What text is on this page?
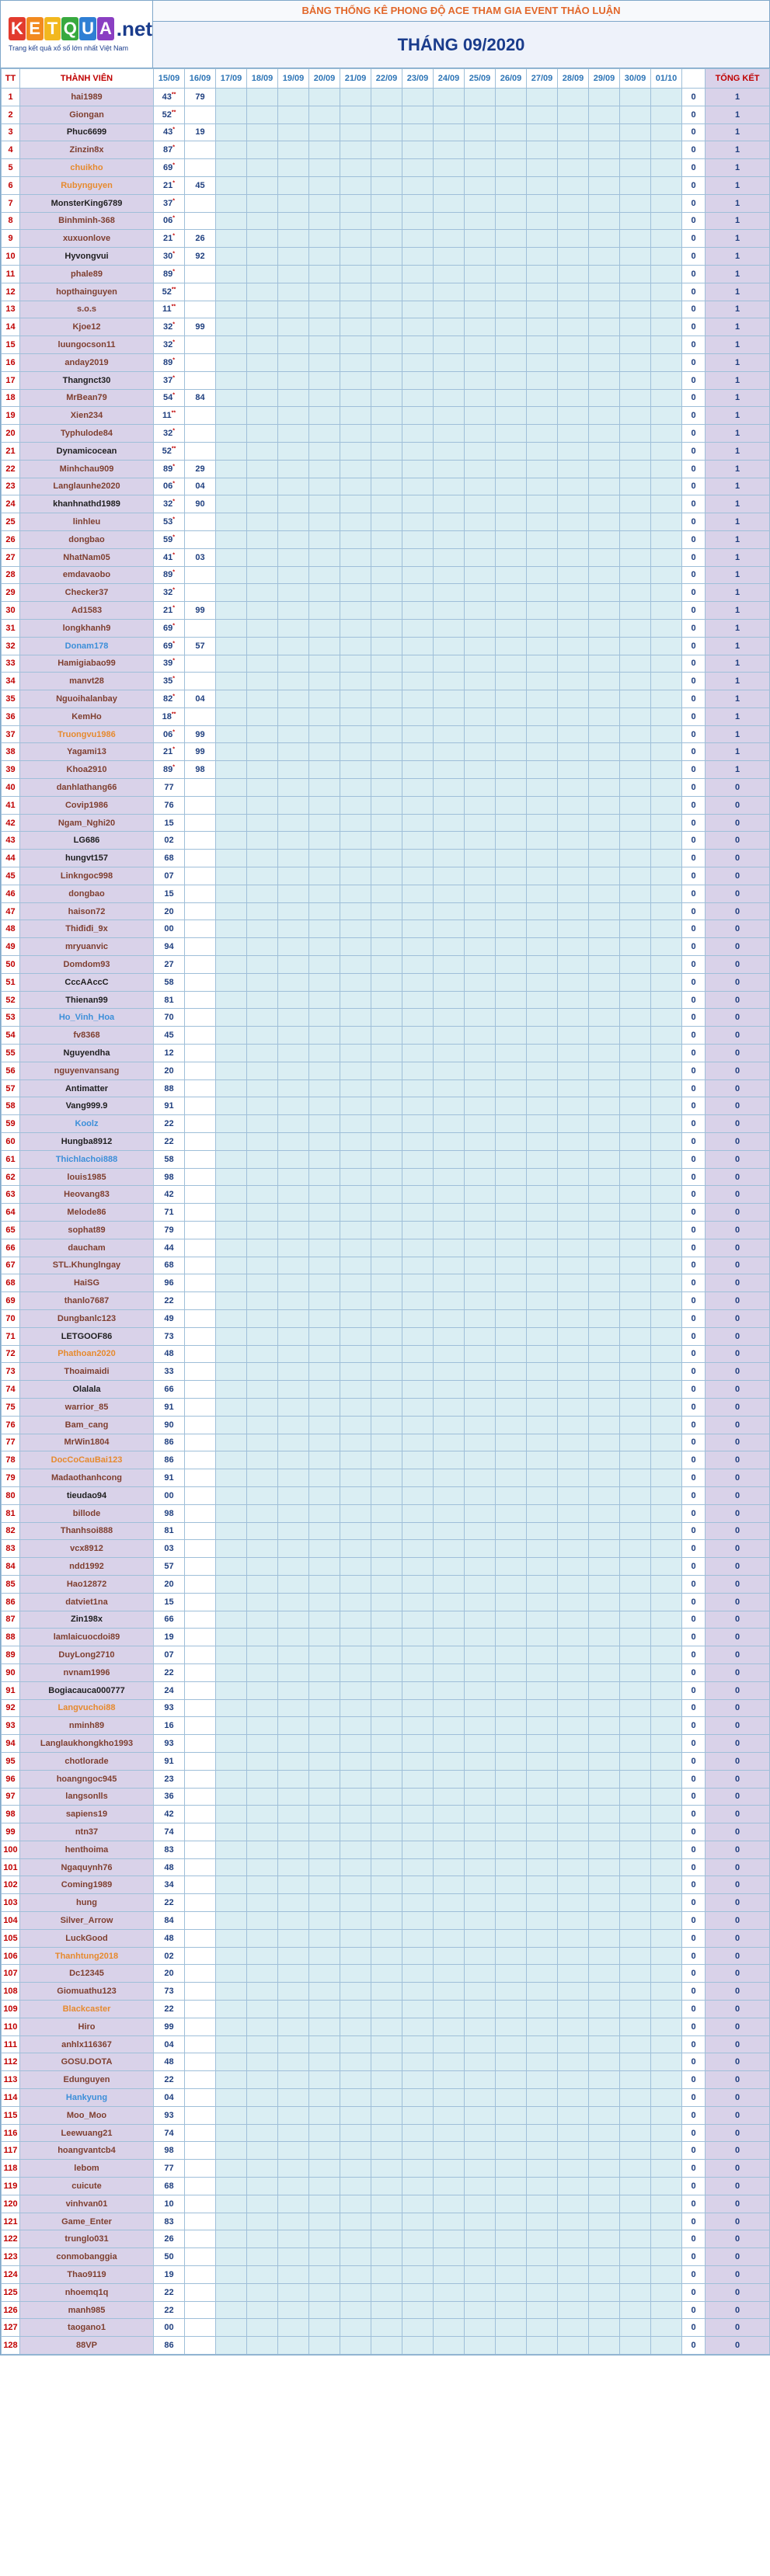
K E T Q U A .net
Trang kết quả xổ số lớn nhất Việt Nam
BẢNG THỐNG KÊ PHONG ĐỘ ACE THAM GIA EVENT THẢO LUẬN
THÁNG 09/2020
TT	THÀNH VIÊN	15/09	16/09	17/09	18/09	19/09	20/09	21/09	22/09	23/09	24/09	25/09	26/09	27/09	28/09	29/09	30/09	01/10		TỔNG KẾT
1	hai1989	43**	79																0	1
2	Giongan	52**																	0	1
3	Phuc6699	43*	19																0	1
4	Zinzin8x	87*																	0	1
5	chuikho	69*																	0	1
6	Rubynguyen	21*	45																0	1
7	MonsterKing6789	37*																	0	1
8	Binhminh-368	06*																	0	1
9	xuxuonlove	21*	26																0	1
10	Hyvongvui	30*	92																0	1
11	phale89	89*																	0	1
12	hopthainguyen	52**																	0	1
13	s.o.s	11**																	0	1
14	Kjoe12	32*	99																0	1
15	luungocson11	32*																	0	1
16	anday2019	89*																	0	1
17	Thangnct30	37*																	0	1
18	MrBean79	54*	84																0	1
19	Xien234	11**																	0	1
20	Typhulode84	32*																	0	1
21	Dynamicocean	52**																	0	1
22	Minhchau909	89*	29																0	1
23	Langlaunhe2020	06*	04																0	1
24	khanhnathd1989	32*	90																0	1
25	linhleu	53*																	0	1
26	dongbao	59*																	0	1
27	NhatNam05	41*	03																0	1
28	emdavaobo	89*																	0	1
29	Checker37	32*																	0	1
30	Ad1583	21*	99																0	1
31	longkhanh9	69*																	0	1
32	Donam178	69*	57																0	1
33	Hamigiabao99	39*																	0	1
34	manvt28	35*																	0	1
35	Nguoihalanbay	82*	04																0	1
36	KemHo	18**																	0	1
37	Truongvu1986	06*	99																0	1
38	Yagami13	21*	99																0	1
39	Khoa2910	89*	98																0	1
40	danhlathang66	77																	0	0
41	Covip1986	76																	0	0
42	Ngam_Nghi20	15																	0	0
43	LG686	02																	0	0
44	hungvt157	68																	0	0
45	Linkngoc998	07																	0	0
46	dongbao	15																	0	0
47	haison72	20																	0	0
48	Thiđiđi_9x	00																	0	0
49	mryuanvic	94																	0	0
50	Domdom93	27																	0	0
51	CccAAccC	58																	0	0
52	Thienan99	81																	0	0
53	Ho_Vinh_Hoa	70																	0	0
54	fv8368	45																	0	0
55	Nguyendha	12																	0	0
56	nguyenvansang	20																	0	0
57	Antimatter	88																	0	0
58	Vang999.9	91																	0	0
59	Koolz	22																	0	0
60	Hungba8912	22																	0	0
61	Thichlachoi888	58																	0	0
62	louis1985	98																	0	0
63	Heovang83	42																	0	0
64	Melode86	71																	0	0
65	sophat89	79																	0	0
66	daucham	44																	0	0
67	STL.Khunglngay	68																	0	0
68	HaiSG	96																	0	0
69	thanlo7687	22																	0	0
70	Dungbanlc123	49																	0	0
71	LETGOOF86	73																	0	0
72	Phathoan2020	48																	0	0
73	Thoaimaidi	33																	0	0
74	Olalala	66																	0	0
75	warrior_85	91																	0	0
76	Bam_cang	90																	0	0
77	MrWin1804	86																	0	0
78	DocCoCauBai123	86																	0	0
79	Madaothanhcong	91																	0	0
80	tieudao94	00																	0	0
81	billode	98																	0	0
82	Thanhsoi888	81																	0	0
83	vcx8912	03																	0	0
84	ndd1992	57																	0	0
85	Hao12872	20																	0	0
86	datviet1na	15																	0	0
87	Zin198x	66																	0	0
88	lamlaicuocdoi89	19																	0	0
89	DuyLong2710	07																	0	0
90	nvnam1996	22																	0	0
91	Bogiacauca000777	24																	0	0
92	Langvuchoi88	93																	0	0
93	nminh89	16																	0	0
94	Langlaukhongkho1993	93																	0	0
95	chotlorade	91																	0	0
96	hoangngoc945	23																	0	0
97	langsonlls	36																	0	0
98	sapiens19	42																	0	0
99	ntn37	74																	0	0
100	henthoima	83																	0	0
101	Ngaquynh76	48																	0	0
102	Coming1989	34																	0	0
103	hung	22																	0	0
104	Silver_Arrow	84																	0	0
105	LuckGood	48																	0	0
106	Thanhtung2018	02																	0	0
107	Dc12345	20																	0	0
108	Giomuathu123	73																	0	0
109	Blackcaster	22																	0	0
110	Hiro	99																	0	0
111	anhlx116367	04																	0	0
112	GOSU.DOTA	48																	0	0
113	Edunguyen	22																	0	0
114	Hankyung	04																	0	0
115	Moo_Moo	93																	0	0
116	Leewuang21	74																	0	0
117	hoangvantcb4	98																	0	0
118	lebom	77																	0	0
119	cuicute	68																	0	0
120	vinhvan01	10																	0	0
121	Game_Enter	83																	0	0
122	trunglo031	26																	0	0
123	conmobanggia	50																	0	0
124	Thao9119	19																	0	0
125	nhoemq1q	22																	0	0
126	manh985	22																	0	0
127	taogano1	00																	0	0
128	88VP	86																	0	0
